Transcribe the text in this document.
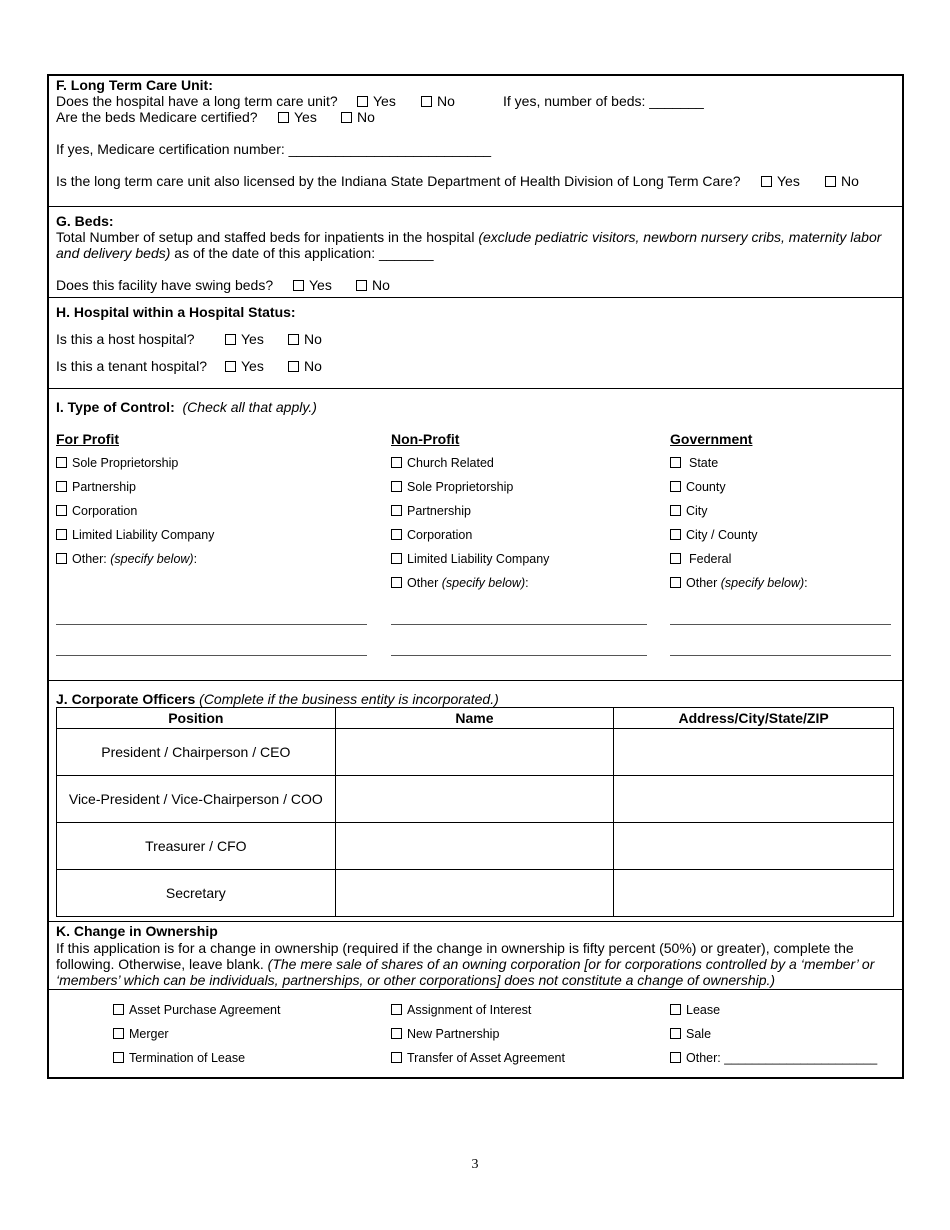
F. Long Term Care Unit:
Does the hospital have a long term care unit?	Yes	No	If yes, number of beds: _______
Are the beds Medicare certified?	Yes	No
If yes, Medicare certification number: __________________________
Is the long term care unit also licensed by the Indiana State Department of Health Division of Long Term Care?	Yes	No
G. Beds:
Total Number of setup and staffed beds for inpatients in the hospital (exclude pediatric visitors, newborn nursery cribs, maternity labor and delivery beds) as of the date of this application: _______
Does this facility have swing beds?	Yes	No
H. Hospital within a Hospital Status:
Is this a host hospital?	Yes	No
Is this a tenant hospital?	Yes	No
I. Type of Control: (Check all that apply.)
For Profit
Sole Proprietorship
Partnership
Corporation
Limited Liability Company
Other: (specify below):
Non-Profit
Church Related
Sole Proprietorship
Partnership
Corporation
Limited Liability Company
Other (specify below):
Government
State
County
City
City / County
Federal
Other (specify below):
J. Corporate Officers (Complete if the business entity is incorporated.)
Position	Name	Address/City/State/ZIP
President / Chairperson / CEO		
Vice-President / Vice-Chairperson / COO		
Treasurer / CFO		
Secretary		
K. Change in Ownership
If this application is for a change in ownership (required if the change in ownership is fifty percent (50%) or greater), complete the following. Otherwise, leave blank. (The mere sale of shares of an owning corporation [or for corporations controlled by a ‘member’ or ‘members’ which can be individuals, partnerships, or other corporations] does not constitute a change of ownership.)
Asset Purchase Agreement
Merger
Termination of Lease
Assignment of Interest
New Partnership
Transfer of Asset Agreement
Lease
Sale
Other: ______________________
3
